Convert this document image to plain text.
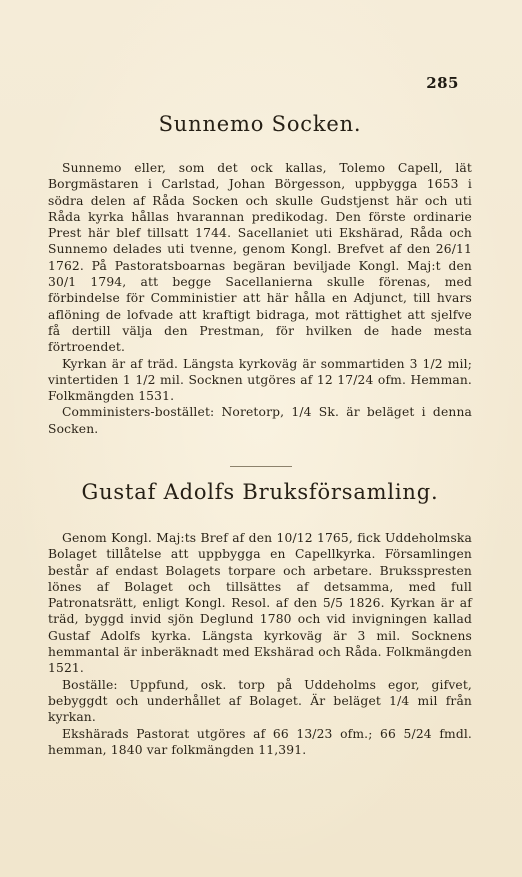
285
Sunnemo Socken.

Sunnemo eller, som det ock kallas, Tolemo Capell, lät Borgmästaren i Carlstad, Johan Börgesson, uppbygga 1653 i södra delen af Råda Socken och skulle Gudstjenst här och uti Råda kyrka hållas hvarannan predikodag. Den förste ordinarie Prest här blef tillsatt 1744. Sacellaniet uti Ekshärad, Råda och Sunnemo delades uti tvenne, genom Kongl. Brefvet af den 26/11 1762. På Pastoratsboarnas begäran beviljade Kongl. Maj:t den 30/1 1794, att begge Sacellanierna skulle förenas, med förbindelse för Comministier att här hålla en Adjunct, till hvars aflöning de lofvade att kraftigt bidraga, mot rättighet att sjelfve få dertill välja den Prestman, för hvilken de hade mesta förtroendet.

Kyrkan är af träd. Längsta kyrkoväg är sommartiden 3 1/2 mil; vintertiden 1 1/2 mil. Socknen utgöres af 12 17/24 ofm. Hemman. Folkmängden 1531.

Comministers-bostället: Noretorp, 1/4 Sk. är beläget i denna Socken.

Gustaf Adolfs Bruksförsamling.

Genom Kongl. Maj:ts Bref af den 10/12 1765, fick Uddeholmska Bolaget tillåtelse att uppbygga en Capellkyrka. Församlingen består af endast Bolagets torpare och arbetare. Bruksspresten lönes af Bolaget och tillsättes af detsamma, med full Patronatsrätt, enligt Kongl. Resol. af den 5/5 1826. Kyrkan är af träd, byggd invid sjön Deglund 1780 och vid invigningen kallad Gustaf Adolfs kyrka. Längsta kyrkoväg är 3 mil. Socknens hemmantal är inberäknadt med Ekshärad och Råda. Folkmängden 1521.

Boställe: Uppfund, osk. torp på Uddeholms egor, gifvet, bebyggdt och underhållet af Bolaget. Är beläget 1/4 mil från kyrkan.

Ekshärads Pastorat utgöres af 66 13/23 ofm.; 66 5/24 fmdl. hemman, 1840 var folkmängden 11,391.
